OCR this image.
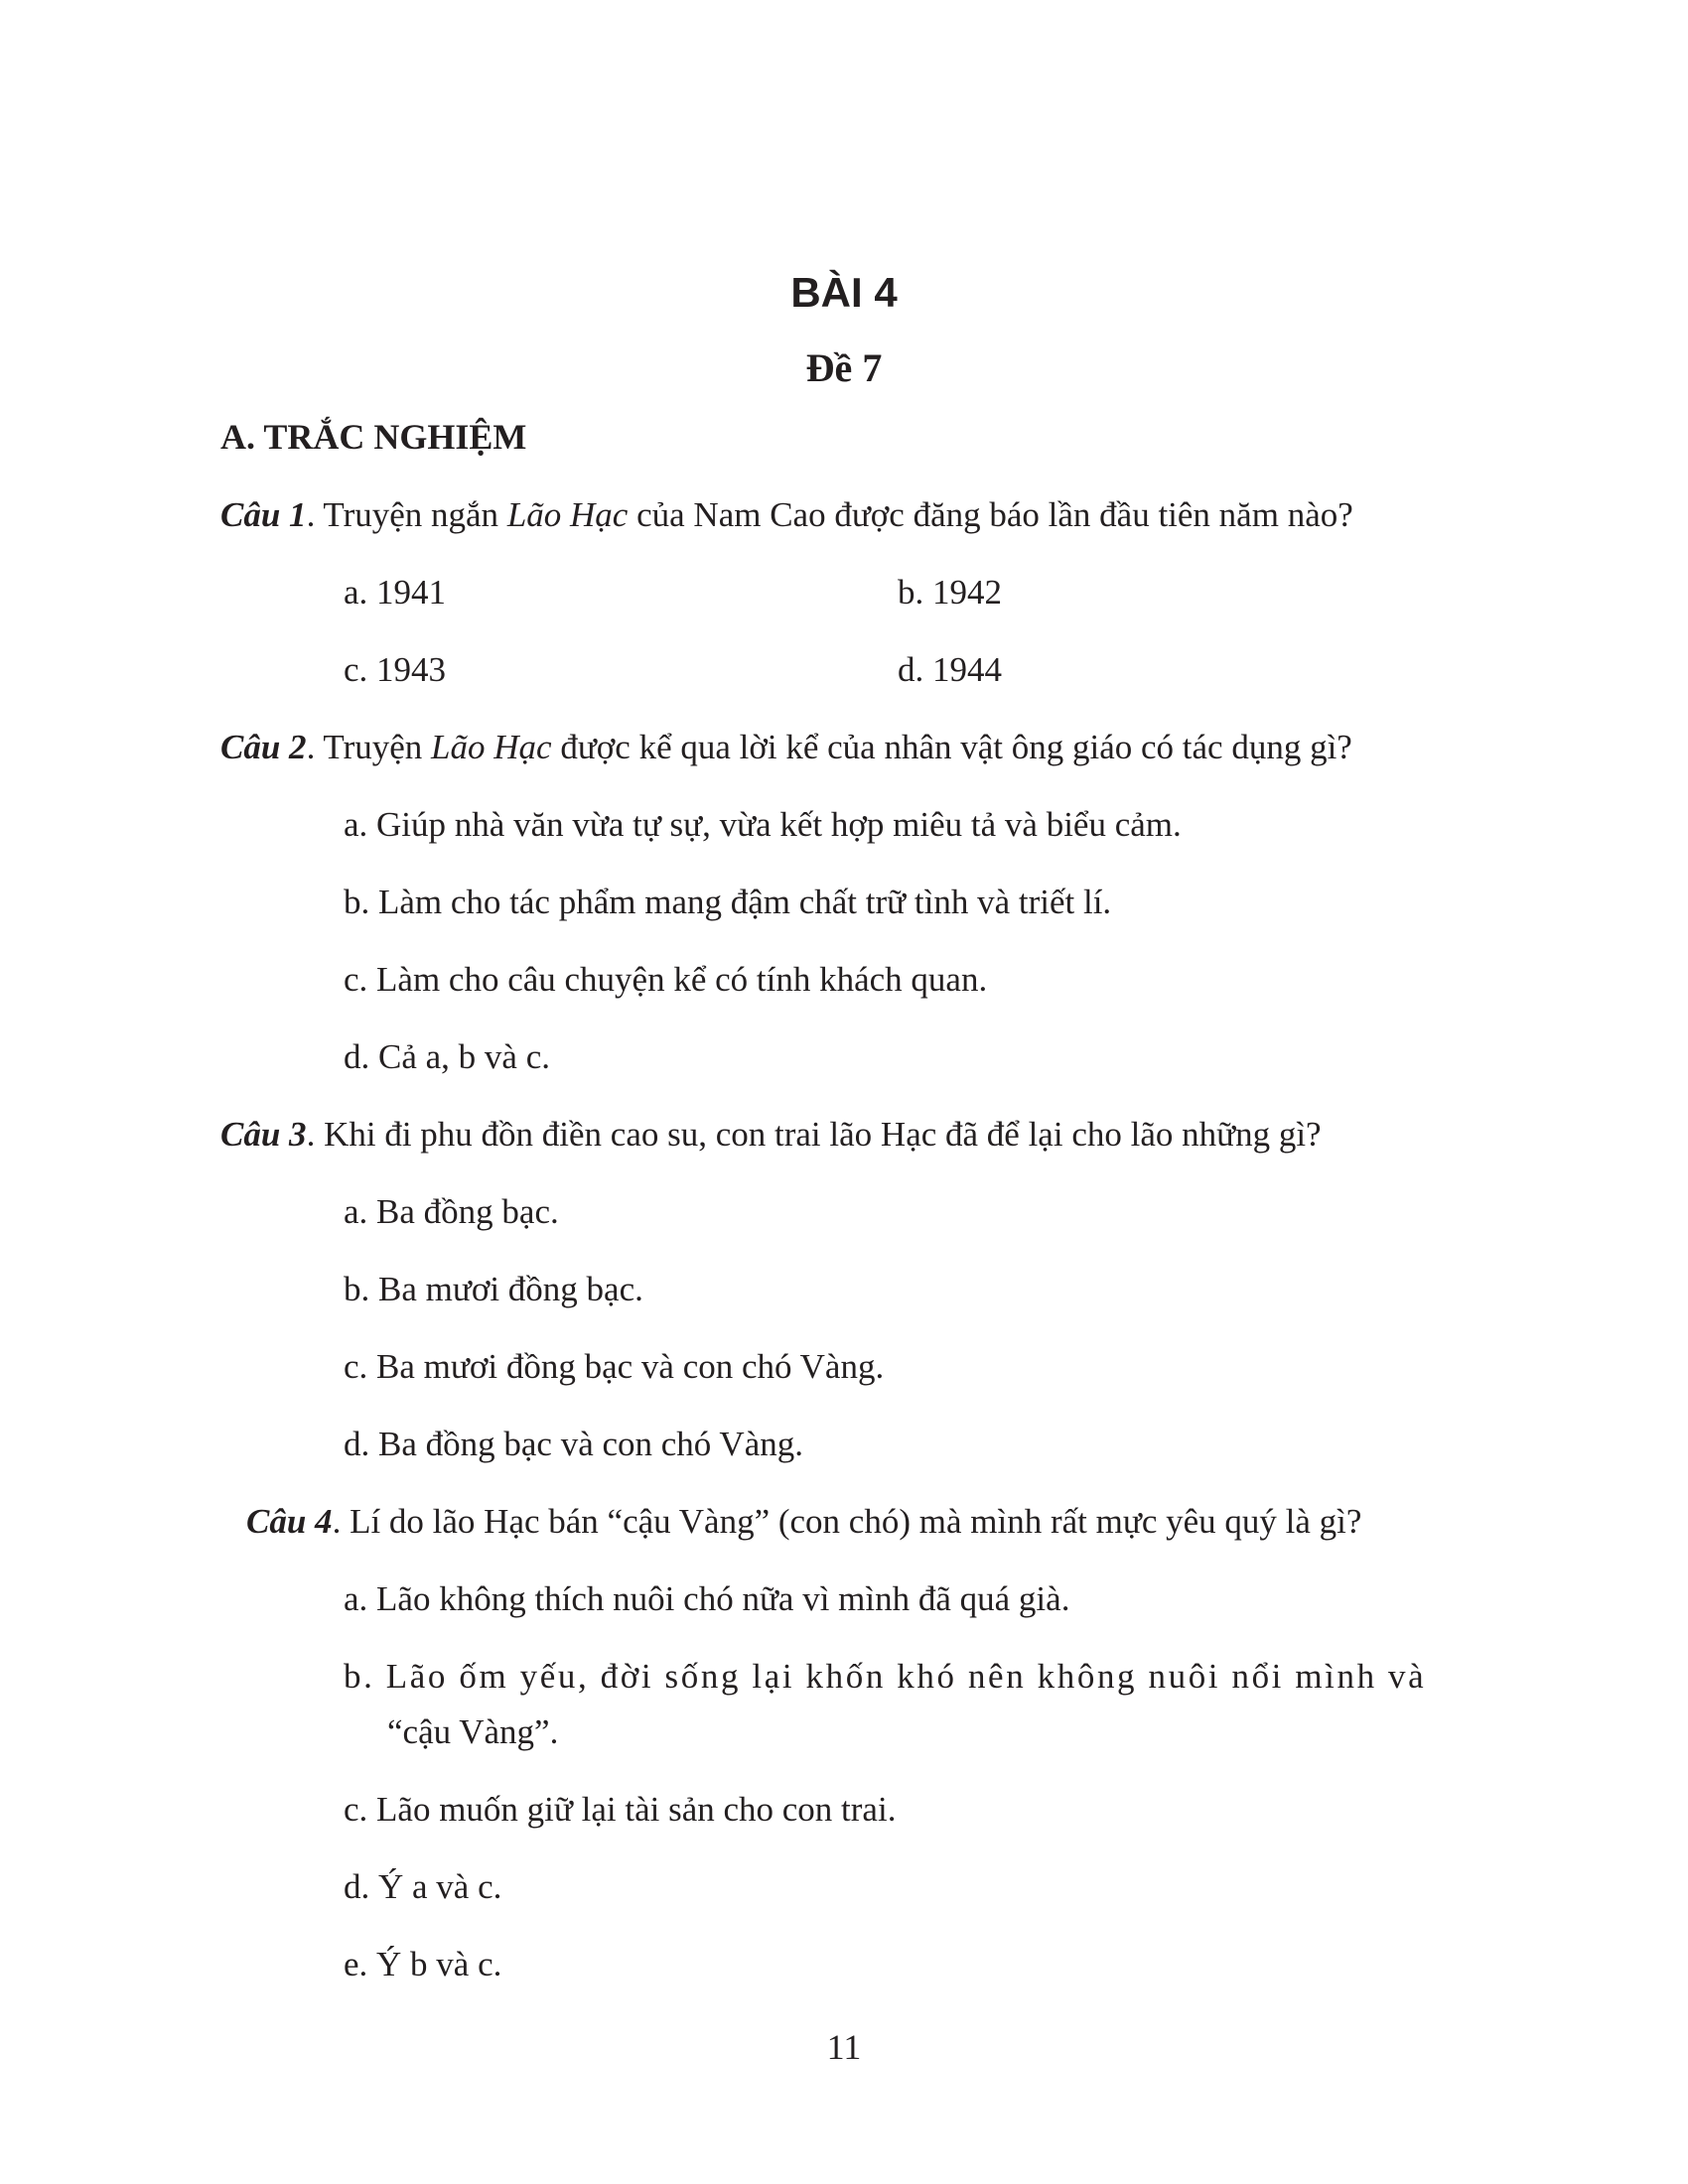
BÀI 4
Đề 7
A. TRẮC NGHIỆM
Câu 1. Truyện ngắn Lão Hạc của Nam Cao được đăng báo lần đầu tiên năm nào?
a. 1941	b. 1942
c. 1943	d. 1944
Câu 2. Truyện Lão Hạc được kể qua lời kể của nhân vật ông giáo có tác dụng gì?
a. Giúp nhà văn vừa tự sự, vừa kết hợp miêu tả và biểu cảm.
b. Làm cho tác phẩm mang đậm chất trữ tình và triết lí.
c. Làm cho câu chuyện kể có tính khách quan.
d. Cả a, b và c.
Câu 3. Khi đi phu đồn điền cao su, con trai lão Hạc đã để lại cho lão những gì?
a. Ba đồng bạc.
b. Ba mươi đồng bạc.
c. Ba mươi đồng bạc và con chó Vàng.
d. Ba đồng bạc và con chó Vàng.
Câu 4. Lí do lão Hạc bán “cậu Vàng” (con chó) mà mình rất mực yêu quý là gì?
a. Lão không thích nuôi chó nữa vì mình đã quá già.
b. Lão ốm yếu, đời sống lại khốn khó nên không nuôi nổi mình và
“cậu Vàng”.
c. Lão muốn giữ lại tài sản cho con trai.
d. Ý a và c.
e. Ý b và c.
11
